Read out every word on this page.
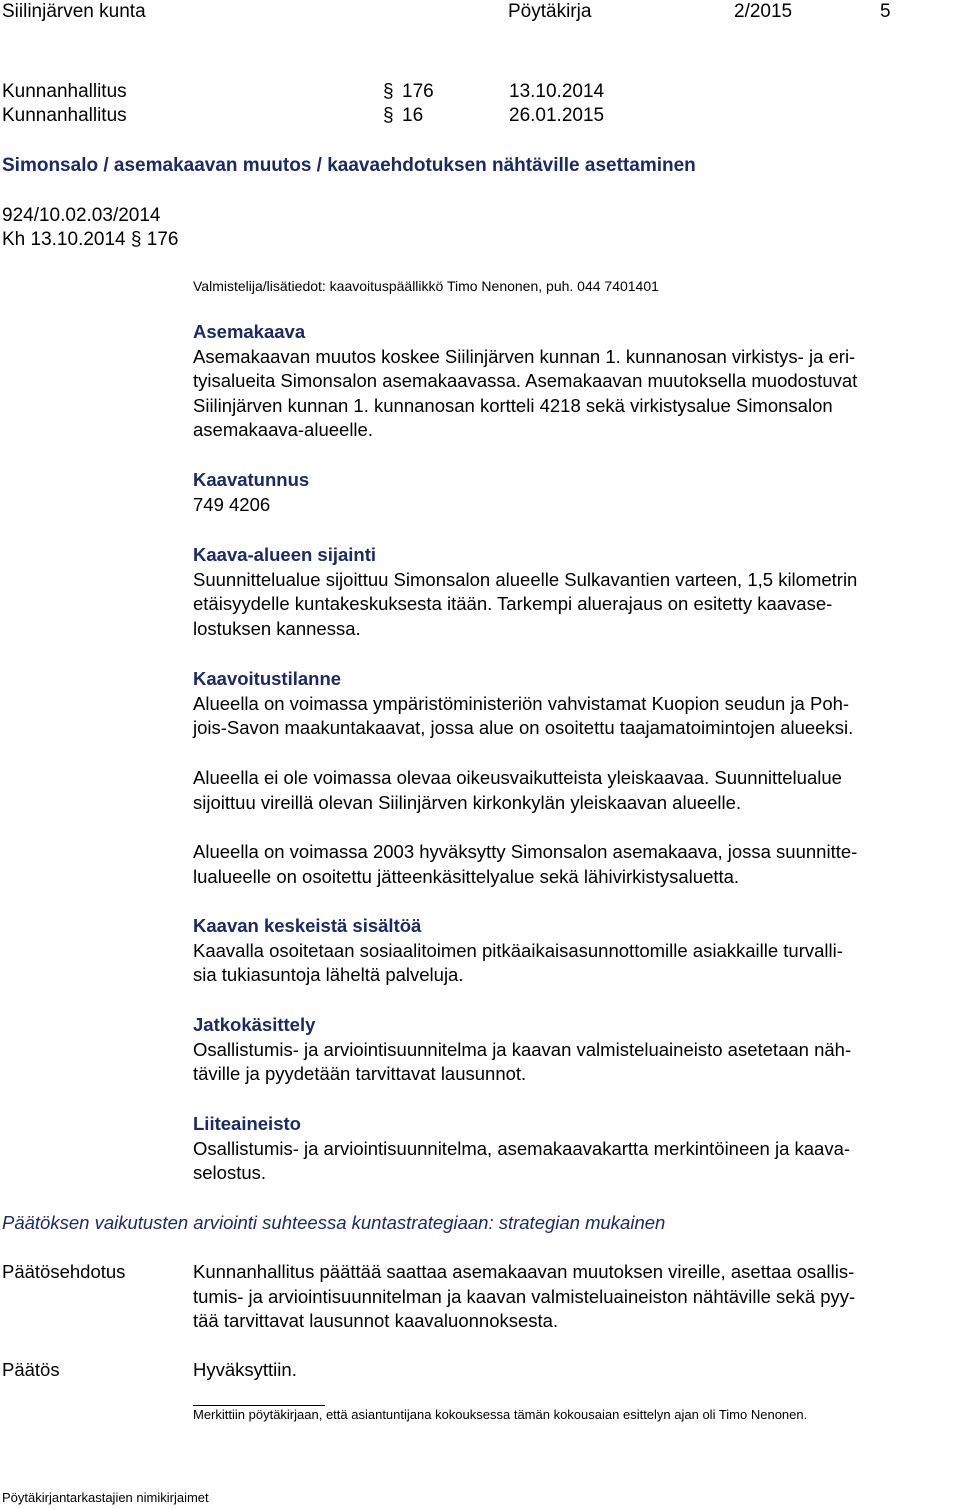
Siilinjärven kunta	Pöytäkirja	2/2015	5
Kunnanhallitus	§ 176	13.10.2014
Kunnanhallitus	§ 16	26.01.2015
Simonsalo / asemakaavan muutos / kaavaehdotuksen nähtäville asettaminen
924/10.02.03/2014
Kh 13.10.2014 § 176
Valmistelija/lisätiedot: kaavoituspäällikkö Timo Nenonen, puh. 044 7401401
Asemakaava
Asemakaavan muutos koskee Siilinjärven kunnan 1. kunnanosan virkistys- ja eri-
tyisalueita Simonsalon asemakaavassa. Asemakaavan muutoksella muodostuvat
Siilinjärven kunnan 1. kunnanosan kortteli 4218 sekä virkistysalue Simonsalon
asemakaava-alueelle.
Kaavatunnus
749 4206
Kaava-alueen sijainti
Suunnittelualue sijoittuu Simonsalon alueelle Sulkavantien varteen, 1,5 kilometrin
etäisyydelle kuntakeskuksesta itään. Tarkempi aluerajaus on esitetty kaavase-
lostuksen kannessa.
Kaavoitustilanne
Alueella on voimassa ympäristöministeriön vahvistamat Kuopion seudun ja Poh-
jois-Savon maakuntakaavat, jossa alue on osoitettu taajamatoimintojen alueeksi.
Alueella ei ole voimassa olevaa oikeusvaikutteista yleiskaavaa. Suunnittelualue
sijoittuu vireillä olevan Siilinjärven kirkonkylän yleiskaavan alueelle.
Alueella on voimassa 2003 hyväksytty Simonsalon asemakaava, jossa suunnitte-
lualueelle on osoitettu jätteenkäsittelyalue sekä lähivirkistysaluetta.
Kaavan keskeistä sisältöä
Kaavalla osoitetaan sosiaalitoimen pitkäaikaisasunnottomille asiakkaille turvalli-
sia tukiasuntoja läheltä palveluja.
Jatkokäsittely
Osallistumis- ja arviointisuunnitelma ja kaavan valmisteluaineisto asetetaan näh-
täville ja pyydetään tarvittavat lausunnot.
Liiteaineisto
Osallistumis- ja arviointisuunnitelma, asemakaavakartta merkintöineen ja kaava-
selostus.
Päätöksen vaikutusten arviointi suhteessa kuntastrategiaan: strategian mukainen
Päätösehdotus	Kunnanhallitus päättää saattaa asemakaavan muutoksen vireille, asettaa osallis-
tumis- ja arviointisuunnitelman ja kaavan valmisteluaineiston nähtäville sekä pyy-
tää tarvittavat lausunnot kaavaluonnoksesta.
Päätös	Hyväksyttiin.
Merkittiin pöytäkirjaan, että asiantuntijana kokouksessa tämän kokousaian esittelyn ajan oli Timo Nenonen.
Pöytäkirjantarkastajien nimikirjaimet
